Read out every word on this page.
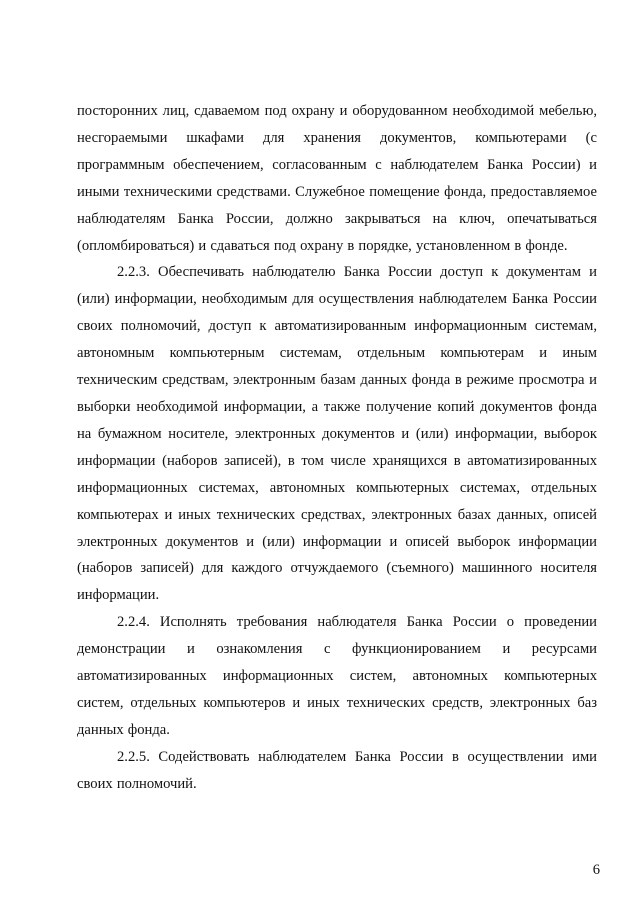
посторонних лиц, сдаваемом под охрану и оборудованном необходимой мебелью, несгораемыми шкафами для хранения документов, компьютерами (с программным обеспечением, согласованным с наблюдателем Банка России) и иными техническими средствами. Служебное помещение фонда, предоставляемое наблюдателям Банка России, должно закрываться на ключ, опечатываться (опломбироваться) и сдаваться под охрану в порядке, установленном в фонде.

2.2.3. Обеспечивать наблюдателю Банка России доступ к документам и (или) информации, необходимым для осуществления наблюдателем Банка России своих полномочий, доступ к автоматизированным информационным системам, автономным компьютерным системам, отдельным компьютерам и иным техническим средствам, электронным базам данных фонда в режиме просмотра и выборки необходимой информации, а также получение копий документов фонда на бумажном носителе, электронных документов и (или) информации, выборок информации (наборов записей), в том числе хранящихся в автоматизированных информационных системах, автономных компьютерных системах, отдельных компьютерах и иных технических средствах, электронных базах данных, описей электронных документов и (или) информации и описей выборок информации (наборов записей) для каждого отчуждаемого (съемного) машинного носителя информации.

2.2.4. Исполнять требования наблюдателя Банка России о проведении демонстрации и ознакомления с функционированием и ресурсами автоматизированных информационных систем, автономных компьютерных систем, отдельных компьютеров и иных технических средств, электронных баз данных фонда.

2.2.5. Содействовать наблюдателем Банка России в осуществлении ими своих полномочий.

6
